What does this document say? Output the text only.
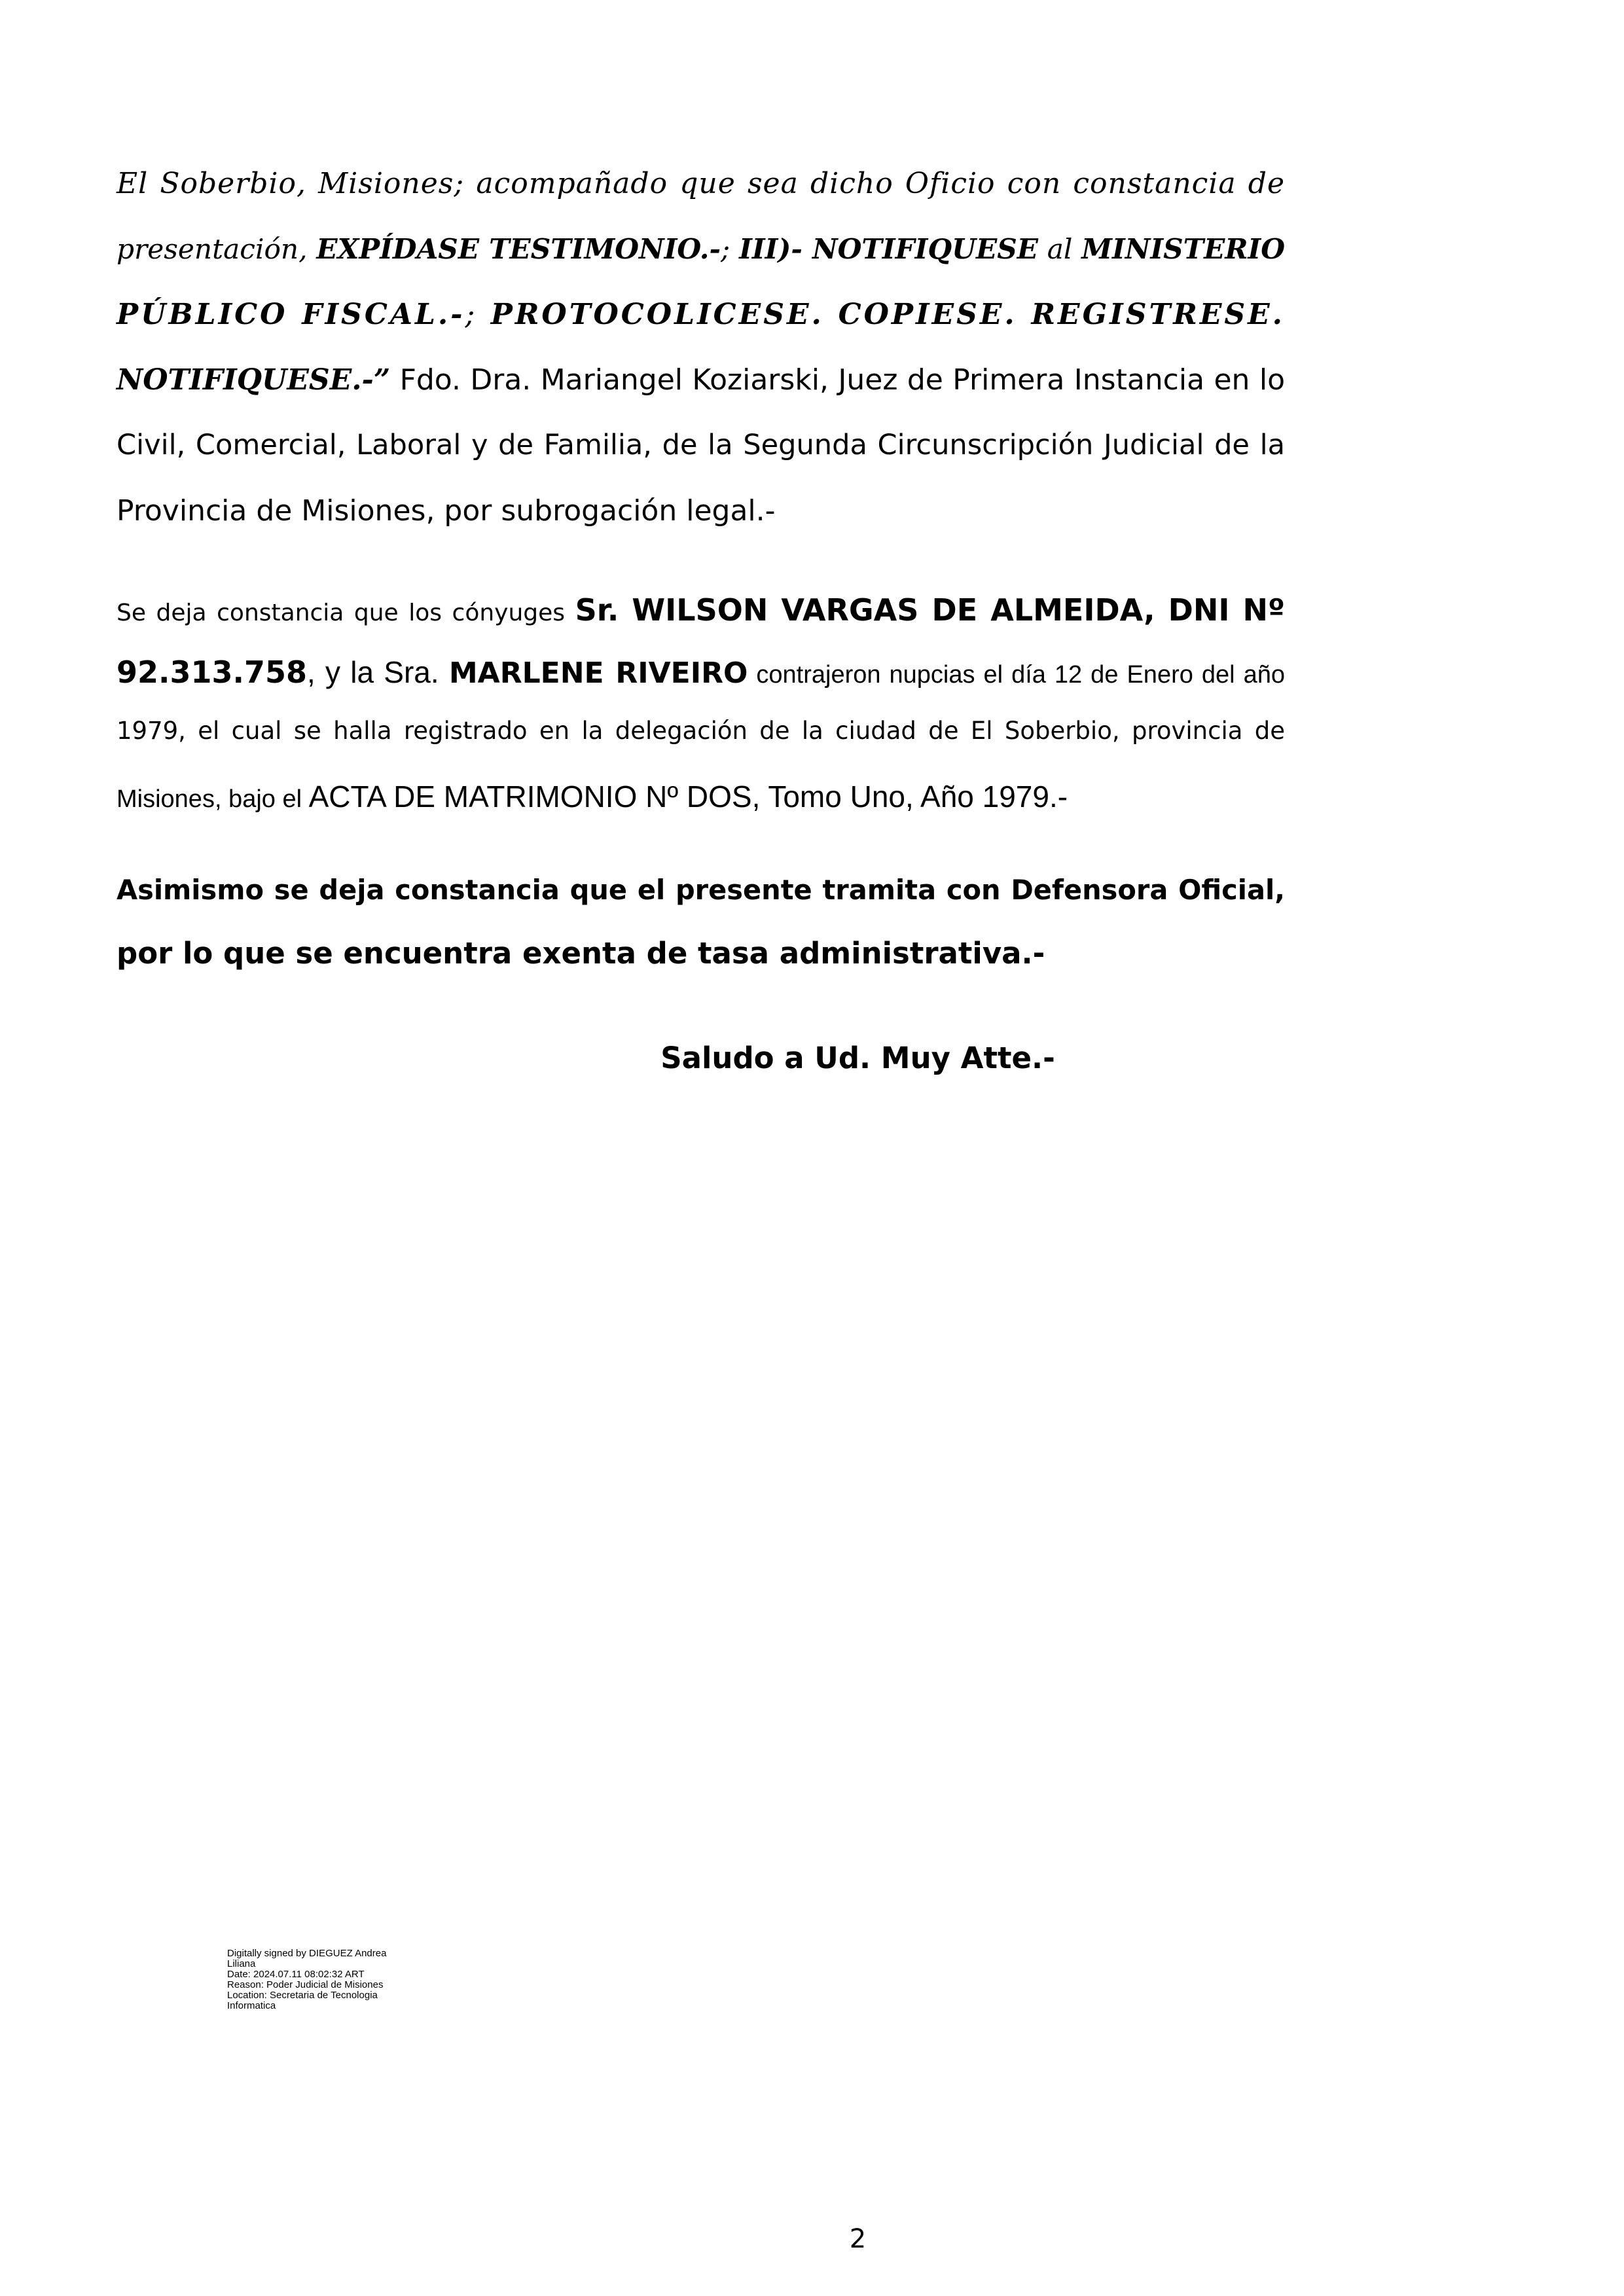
El Soberbio, Misiones; acompañado que sea dicho Oficio con constancia de
presentación, EXPÍDASE TESTIMONIO.-; III)- NOTIFIQUESE al MINISTERIO
PÚBLICO FISCAL.-; PROTOCOLICESE. COPIESE. REGISTRESE.
NOTIFIQUESE.-” Fdo. Dra. Mariangel Koziarski, Juez de Primera Instancia en lo
Civil, Comercial, Laboral y de Familia, de la Segunda Circunscripción Judicial de la
Provincia de Misiones, por subrogación legal.-
Se deja constancia que los cónyuges Sr. WILSON VARGAS DE ALMEIDA, DNI Nº
92.313.758, y la Sra. MARLENE RIVEIRO contrajeron nupcias el día 12 de Enero del año
1979, el cual se halla registrado en la delegación de la ciudad de El Soberbio, provincia de
Misiones, bajo el ACTA DE MATRIMONIO Nº DOS, Tomo Uno, Año 1979.-
Asimismo se deja constancia que el presente tramita con Defensora Oficial,
por lo que se encuentra exenta de tasa administrativa.-
Saludo a Ud. Muy Atte.-
Digitally signed by DIEGUEZ Andrea
Liliana
Date: 2024.07.11 08:02:32 ART
Reason: Poder Judicial de Misiones
Location: Secretaria de Tecnologia
Informatica
2
